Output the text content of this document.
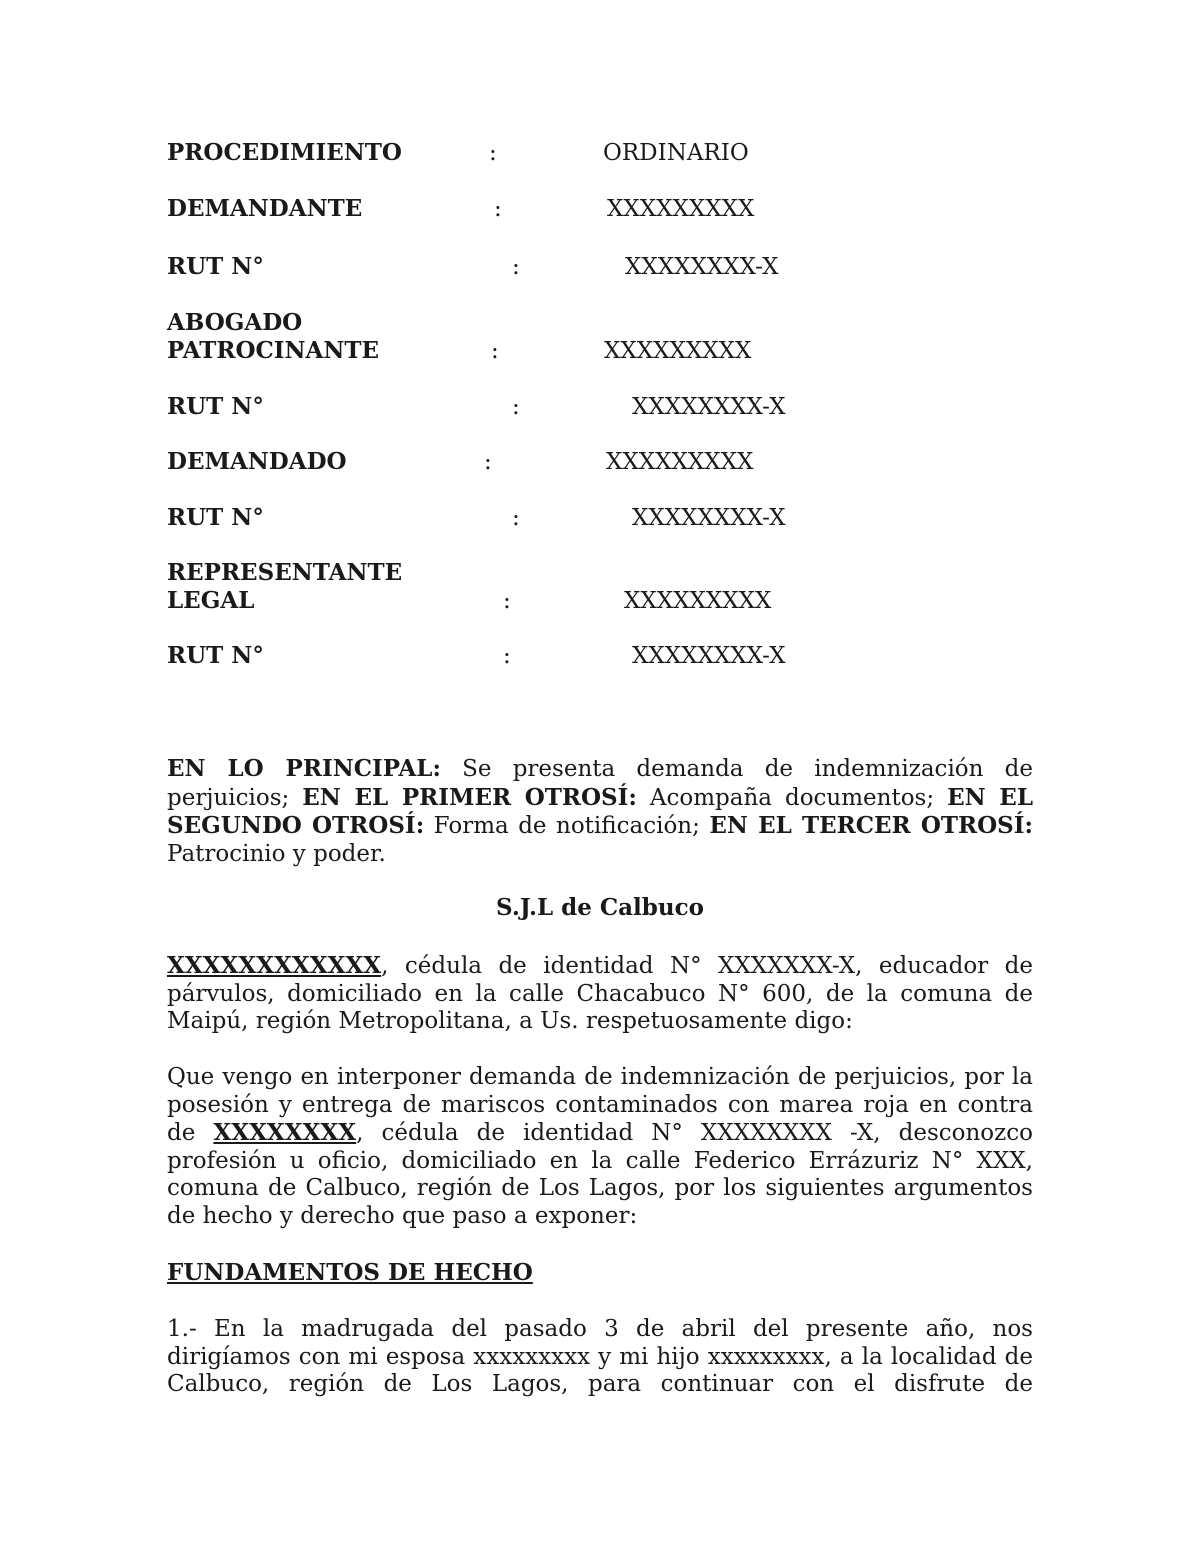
PROCEDIMIENTO	:	ORDINARIO
DEMANDANTE	:	XXXXXXXXX
RUT N°	:	XXXXXXXX-X
ABOGADO
PATROCINANTE	:	XXXXXXXXX
RUT N°	:	XXXXXXXX-X
DEMANDADO	:	XXXXXXXXX
RUT N°	:	XXXXXXXX-X
REPRESENTANTE
LEGAL	:	XXXXXXXXX
RUT N°	:	XXXXXXXX-X

EN LO PRINCIPAL: Se presenta demanda de indemnización de perjuicios; EN EL PRIMER OTROSÍ: Acompaña documentos; EN EL SEGUNDO OTROSÍ: Forma de notificación; EN EL TERCER OTROSÍ: Patrocinio y poder.

S.J.L de Calbuco

XXXXXXXXXXXX, cédula de identidad N° XXXXXXX-X, educador de párvulos, domiciliado en la calle Chacabuco N° 600, de la comuna de Maipú, región Metropolitana, a Us. respetuosamente digo:

Que vengo en interponer demanda de indemnización de perjuicios, por la posesión y entrega de mariscos contaminados con marea roja en contra de XXXXXXXX, cédula de identidad N° XXXXXXXX -X, desconozco profesión u oficio, domiciliado en la calle Federico Errázuriz N° XXX, comuna de Calbuco, región de Los Lagos, por los siguientes argumentos de hecho y derecho que paso a exponer:

FUNDAMENTOS DE HECHO

1.- En la madrugada del pasado 3 de abril del presente año, nos dirigíamos con mi esposa xxxxxxxxx y mi hijo xxxxxxxxx, a la localidad de Calbuco, región de Los Lagos, para continuar con el disfrute de
